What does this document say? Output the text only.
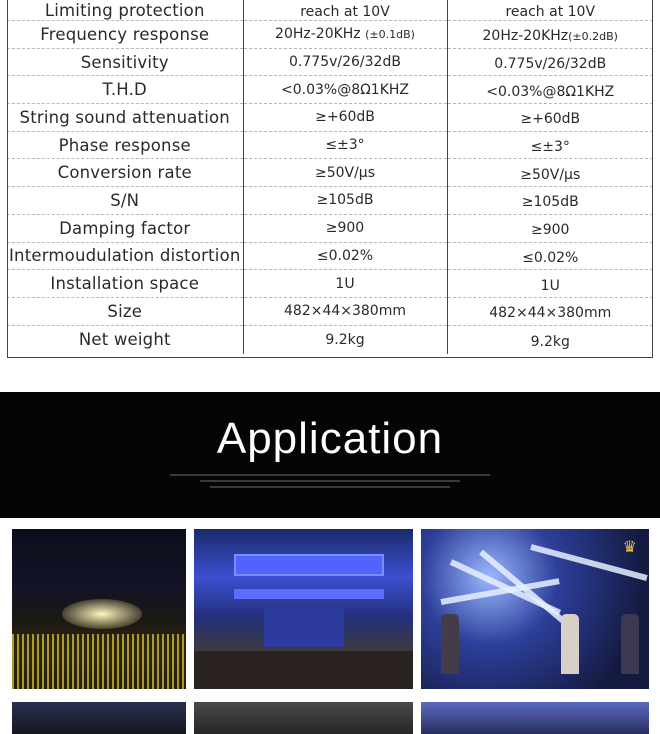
Limiting protection	reach at 10V	reach at 10V
Frequency response	20Hz-20KHz (±0.1dB)	20Hz-20KHz(±0.2dB)
Sensitivity	0.775v/26/32dB	0.775v/26/32dB
T.H.D	<0.03%@8Ω1KHZ	<0.03%@8Ω1KHZ
String sound attenuation	≥+60dB	≥+60dB
Phase response	≤±3°	≤±3°
Conversion rate	≥50V/μs	≥50V/μs
S/N	≥105dB	≥105dB
Damping factor	≥900	≥900
Intermoudulation distortion	≤0.02%	≤0.02%
Installation space	1U	1U
Size	482×44×380mm	482×44×380mm
Net weight	9.2kg	9.2kg
Application
♛
